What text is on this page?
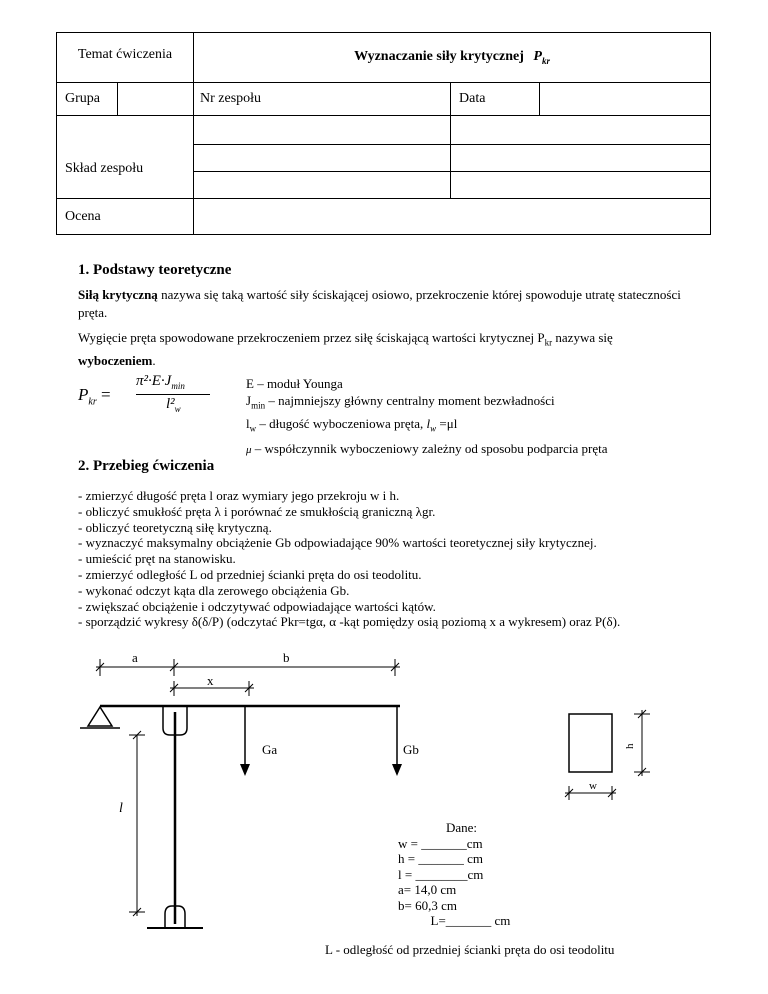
Temat ćwiczenia		Wyznaczanie siły krytycznej $P_{kr}$
Grupa		Nr zespołu	Data	
Skład zespołu				

Ocena				
1. Podstawy teoretyczne
Siłą krytyczną nazywa się taką wartość siły ściskającej osiowo, przekroczenie której spowoduje utratę stateczności pręta.
Wygięcie pręta spowodowane przekroczeniem przez siłę ściskającą wartości krytycznej $P_{kr}$ nazywa się
wyboczeniem.
$P_{kr}$ =
$\pi^2\cdot E\cdot J_{min}$
$l^2_w$
E – moduł Younga
$J_{min}$ – najmniejszy główny centralny moment bezwładności
$l_w$ – długość wyboczeniowa pręta, $l_w =\mu l$
μ – współczynnik wyboczeniowy zależny od sposobu podparcia pręta
2. Przebieg ćwiczenia
- zmierzyć długość pręta l oraz wymiary jego przekroju w i h.
- obliczyć smukłość pręta λ i porównać ze smukłością graniczną λgr.
- obliczyć teoretyczną siłę krytyczną.
- wyznaczyć maksymalny obciążenie Gb odpowiadające 90% wartości teoretycznej siły krytycznej.
- umieścić pręt na stanowisku.
- zmierzyć odległość L od przedniej ścianki pręta do osi teodolitu.
- wykonać odczyt kąta dla zerowego obciążenia Gb.
- zwiększać obciążenie i odczytywać odpowiadające wartości kątów.
- sporządzić wykresy δ(δ/P) (odczytać Pkr=tgα, α -kąt pomiędzy osią poziomą x a wykresem) oraz P(δ).
a	b
x
Ga	Gb
l
h
w
Dane:
w = _______cm
h = _______ cm
l = ________cm
a= 14,0 cm
b= 60,3 cm
L=_______ cm
L - odległość od przedniej ścianki pręta do osi teodolitu
